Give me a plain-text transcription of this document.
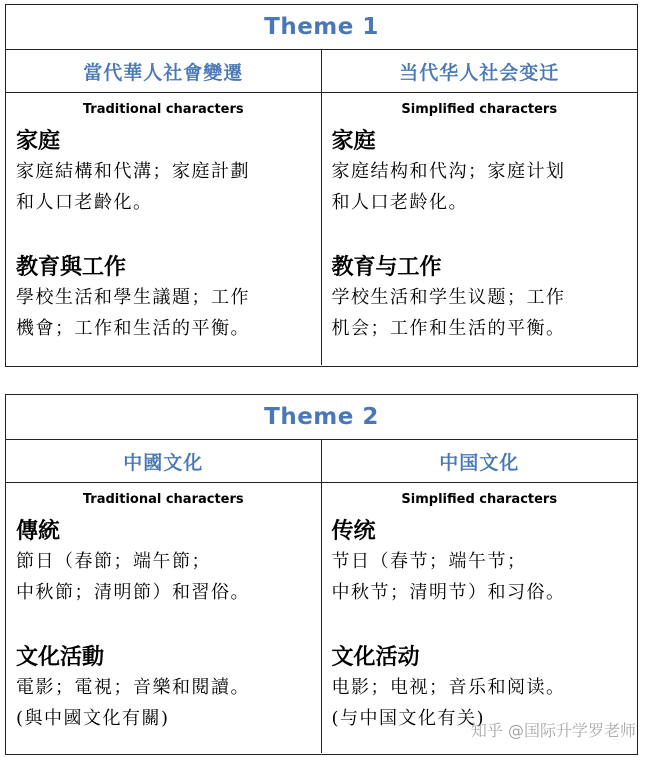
Theme 1
當代華人社會變遷
Traditional characters
家庭
家庭結構和代溝；家庭計劃
和人口老齡化。
教育與工作
學校生活和學生議題；工作
機會；工作和生活的平衡。
当代华人社会变迁
Simplified characters
家庭
家庭结构和代沟；家庭计划
和人口老龄化。
教育与工作
学校生活和学生议题；工作
机会；工作和生活的平衡。
Theme 2
中國文化
Traditional characters
傳統
節日（春節；端午節；
中秋節；清明節）和習俗。
文化活動
電影；電視；音樂和閱讀。
(與中國文化有關)
中国文化
Simplified characters
传统
节日（春节；端午节；
中秋节；清明节）和习俗。
文化活动
电影；电视；音乐和阅读。
(与中国文化有关)
知乎 @国际升学罗老师
